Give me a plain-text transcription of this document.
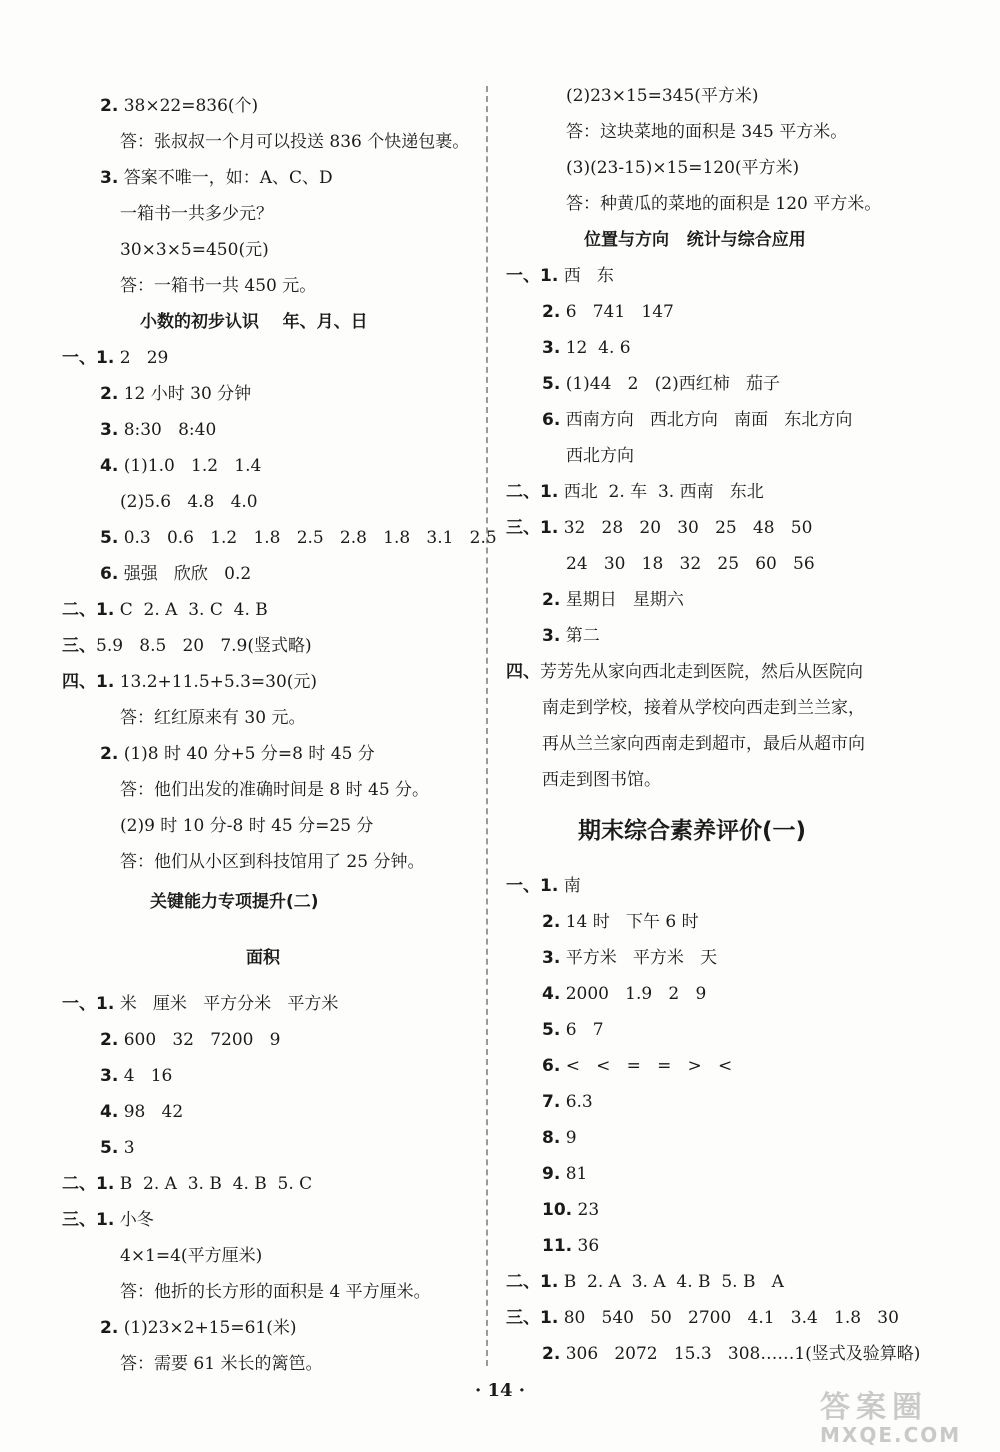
2. 38×22=836(个)
答：张叔叔一个月可以投送 836 个快递包裹。
3. 答案不唯一，如：A、C、D
一箱书一共多少元？
30×3×5=450(元)
答：一箱书一共 450 元。
小数的初步认识    年、月、日
一、1. 2   29
2. 12 小时 30 分钟
3. 8:30   8:40
4. (1)1.0   1.2   1.4
(2)5.6   4.8   4.0
5. 0.3   0.6   1.2   1.8   2.5   2.8   1.8   3.1   2.5
6. 强强   欣欣   0.2
二、1. C  2. A  3. C  4. B
三、5.9   8.5   20   7.9(竖式略)
四、1. 13.2+11.5+5.3=30(元)
答：红红原来有 30 元。
2. (1)8 时 40 分+5 分=8 时 45 分
答：他们出发的准确时间是 8 时 45 分。
(2)9 时 10 分-8 时 45 分=25 分
答：他们从小区到科技馆用了 25 分钟。
关键能力专项提升(二)
面积
一、1. 米   厘米   平方分米   平方米
2. 600   32   7200   9
3. 4   16
4. 98   42
5. 3
二、1. B  2. A  3. B  4. B  5. C
三、1. 小冬
4×1=4(平方厘米)
答：他折的长方形的面积是 4 平方厘米。
2. (1)23×2+15=61(米)
答：需要 61 米长的篱笆。
(2)23×15=345(平方米)
答：这块菜地的面积是 345 平方米。
(3)(23-15)×15=120(平方米)
答：种黄瓜的菜地的面积是 120 平方米。
位置与方向   统计与综合应用
一、1. 西   东
2. 6   741   147
3. 12  4. 6
5. (1)44   2   (2)西红柿   茄子
6. 西南方向   西北方向   南面   东北方向
西北方向
二、1. 西北  2. 车  3. 西南   东北
三、1. 32   28   20   30   25   48   50
24   30   18   32   25   60   56
2. 星期日   星期六
3. 第二
四、芳芳先从家向西北走到医院，然后从医院向
南走到学校，接着从学校向西走到兰兰家，
再从兰兰家向西南走到超市，最后从超市向
西走到图书馆。
期末综合素养评价(一)
一、1. 南
2. 14 时   下午 6 时
3. 平方米   平方米   天
4. 2000   1.9   2   9
5. 6   7
6. <   <   =   =   >   <
7. 6.3
8. 9
9. 81
10. 23
11. 36
二、1. B  2. A  3. A  4. B  5. B   A
三、1. 80   540   50   2700   4.1   3.4   1.8   30
2. 306   2072   15.3   308……1(竖式及验算略)
· 14 ·	答案圈
MXQE.COM
